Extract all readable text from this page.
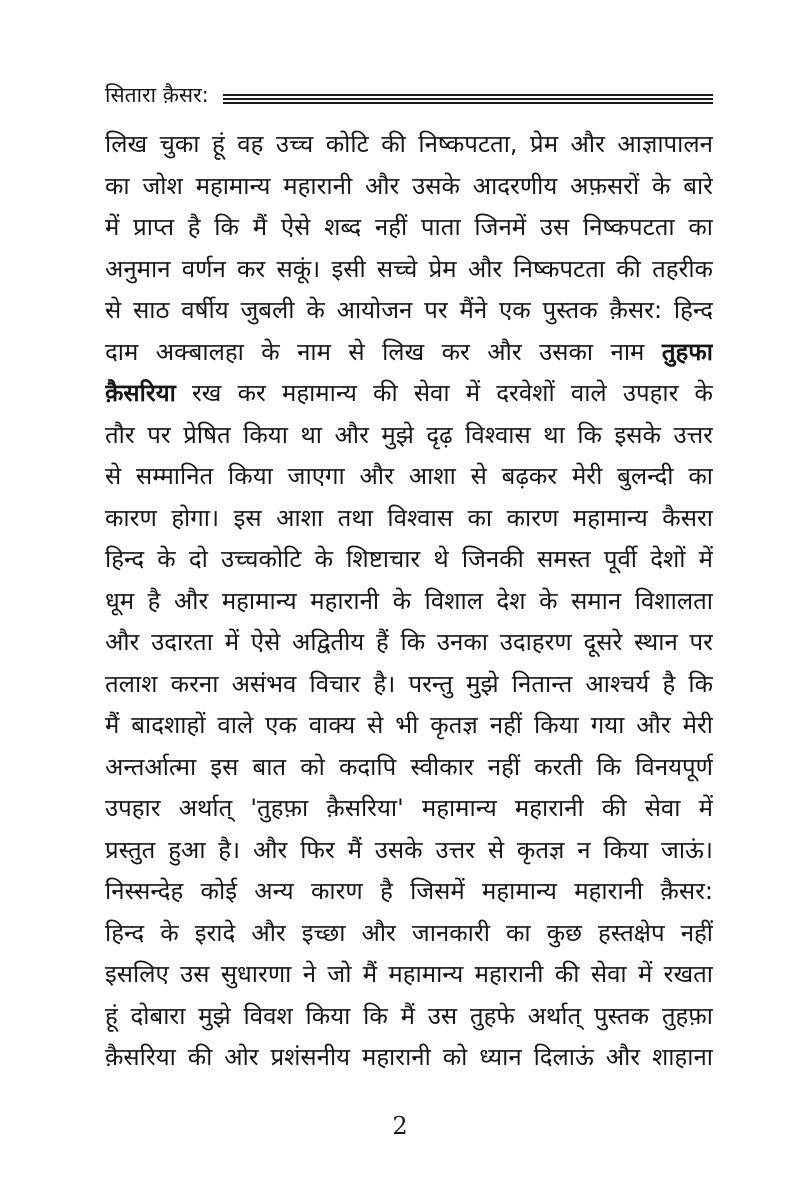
सितारा क़ैसर:
लिख चुका हूं वह उच्च कोटि की निष्कपटता, प्रेम और आज्ञापालन
का जोश महामान्य महारानी और उसके आदरणीय अफ़सरों के बारे
में प्राप्त है कि मैं ऐसे शब्द नहीं पाता जिनमें उस निष्कपटता का
अनुमान वर्णन कर सकूं। इसी सच्चे प्रेम और निष्कपटता की तहरीक
से साठ वर्षीय जुबली के आयोजन पर मैंने एक पुस्तक क़ैसर: हिन्द
दाम अक्बालहा के नाम से लिख कर और उसका नाम तुहफा
क़ैसरिया रख कर महामान्य की सेवा में दरवेशों वाले उपहार के
तौर पर प्रेषित किया था और मुझे दृढ़ विश्वास था कि इसके उत्तर
से सम्मानित किया जाएगा और आशा से बढ़कर मेरी बुलन्दी का
कारण होगा। इस आशा तथा विश्वास का कारण महामान्य कैसरा
हिन्द के दो उच्चकोटि के शिष्टाचार थे जिनकी समस्त पूर्वी देशों में
धूम है और महामान्य महारानी के विशाल देश के समान विशालता
और उदारता में ऐसे अद्वितीय हैं कि उनका उदाहरण दूसरे स्थान पर
तलाश करना असंभव विचार है। परन्तु मुझे नितान्त आश्चर्य है कि
मैं बादशाहों वाले एक वाक्य से भी कृतज्ञ नहीं किया गया और मेरी
अन्तर्आत्मा इस बात को कदापि स्वीकार नहीं करती कि विनयपूर्ण
उपहार अर्थात् 'तुहफ़ा क़ैसरिया' महामान्य महारानी की सेवा में
प्रस्तुत हुआ है। और फिर मैं उसके उत्तर से कृतज्ञ न किया जाऊं।
निस्सन्देह कोई अन्य कारण है जिसमें महामान्य महारानी क़ैसर:
हिन्द के इरादे और इच्छा और जानकारी का कुछ हस्तक्षेप नहीं
इसलिए उस सुधारणा ने जो मैं महामान्य महारानी की सेवा में रखता
हूं दोबारा मुझे विवश किया कि मैं उस तुहफे अर्थात् पुस्तक तुहफ़ा
क़ैसरिया की ओर प्रशंसनीय महारानी को ध्यान दिलाऊं और शाहाना
2
